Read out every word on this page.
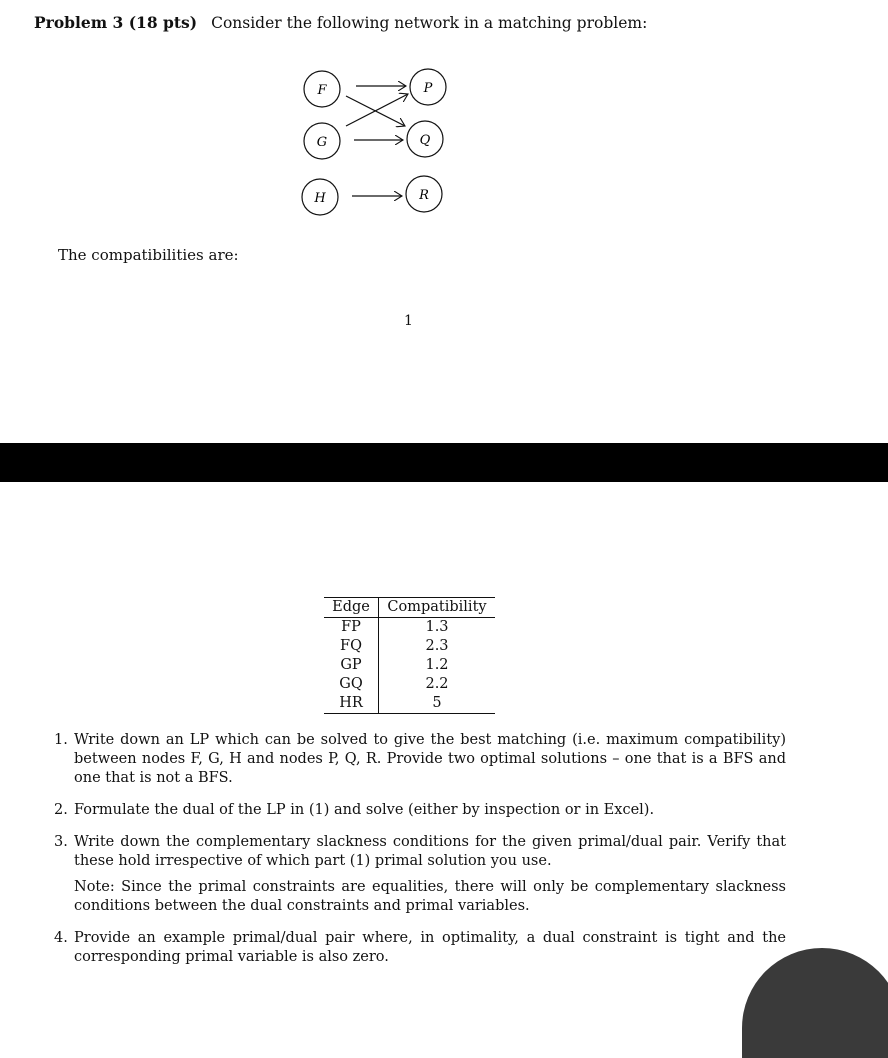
Problem 3 (18 pts) Consider the following network in a matching problem:
F
G
H
P
Q
R
The compatibilities are:
1
Edge	Compatibility
FP	1.3
FQ	2.3
GP	1.2
GQ	2.2
HR	5
1. Write down an LP which can be solved to give the best matching (i.e. maximum compatibility) between nodes F, G, H and nodes P, Q, R. Provide two optimal solutions – one that is a BFS and one that is not a BFS.
2. Formulate the dual of the LP in (1) and solve (either by inspection or in Excel).
3. Write down the complementary slackness conditions for the given primal/dual pair. Verify that these hold irrespective of which part (1) primal solution you use.
Note: Since the primal constraints are equalities, there will only be complementary slackness conditions between the dual constraints and primal variables.
4. Provide an example primal/dual pair where, in optimality, a dual constraint is tight and the corresponding primal variable is also zero.
